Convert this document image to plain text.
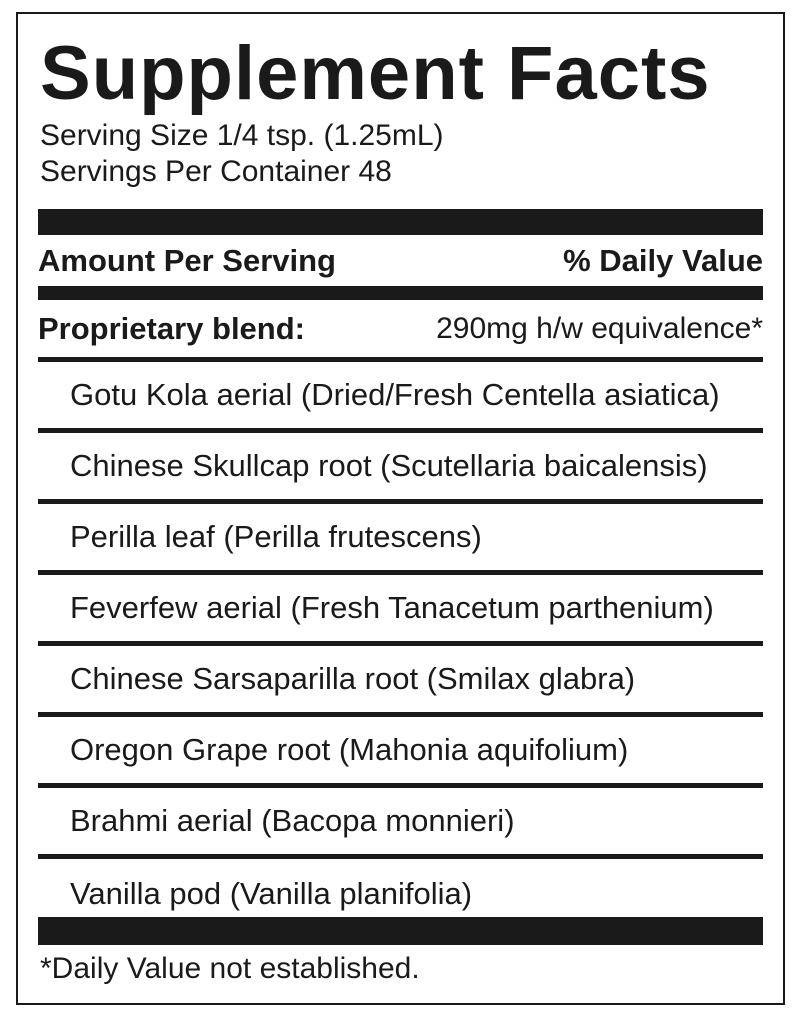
Supplement Facts
Serving Size 1/4 tsp. (1.25mL)
Servings Per Container 48
Amount Per Serving	% Daily Value
Proprietary blend:	290mg h/w equivalence*
Gotu Kola aerial (Dried/Fresh Centella asiatica)
Chinese Skullcap root (Scutellaria baicalensis)
Perilla leaf (Perilla frutescens)
Feverfew aerial (Fresh Tanacetum parthenium)
Chinese Sarsaparilla root (Smilax glabra)
Oregon Grape root (Mahonia aquifolium)
Brahmi aerial (Bacopa monnieri)
Vanilla pod (Vanilla planifolia)
*Daily Value not established.
